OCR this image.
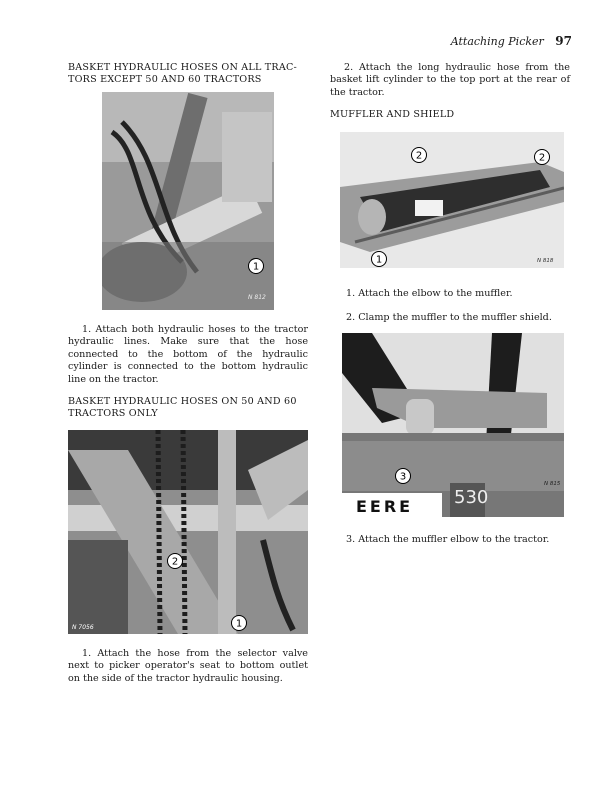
Attaching Picker 97
BASKET HYDRAULIC HOSES ON ALL TRAC-
TORS EXCEPT 50 AND 60 TRACTORS
1
N 812
1. Attach both hydraulic hoses to the tractor hydraulic lines. Make sure that the hose connected to the bottom of the hydraulic cylinder is connected to the bottom hydraulic line on the tractor.
BASKET HYDRAULIC HOSES ON 50 AND 60
TRACTORS ONLY
2
1
N 7056
1. Attach the hose from the selector valve next to picker operator's seat to bottom outlet on the side of the tractor hydraulic housing.
2. Attach the long hydraulic hose from the basket lift cylinder to the top port at the rear of the tractor.
MUFFLER AND SHIELD
2	2
1	N 818
1. Attach the elbow to the muffler.
2. Clamp the muffler to the muffler shield.
3
EERE 530
N 815
3. Attach the muffler elbow to the tractor.
